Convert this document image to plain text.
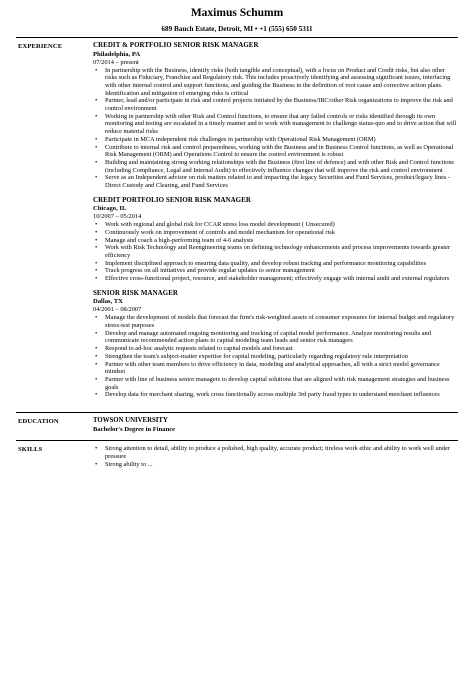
Maximus Schumm
689 Bauch Estate, Detroit, MI • +1 (555) 650 5311
EXPERIENCE	CREDIT & PORTFOLIO SENIOR RISK MANAGER
Philadelphia, PA
07/2014 – present
• In partnership with the Business, identify risks (both tangible and conceptual), with a focus on Product and Credit risks, but also other risks such as Fiduciary, Franchise and Regulatory risk. This includes proactively identifying and assessing significant issues, interfacing with other internal control and support functions, and guiding the Business in the definition of root cause and corrective action plans. Identification and mitigation of emerging risks is critical
• Partner, lead and/or participate in risk and control projects initiated by the Business/IBC/other Risk organizations to improve the risk and control environment
• Working in partnership with other Risk and Control functions, to ensure that any failed controls or risks identified through its own monitoring and testing are escalated in a timely manner and to work with management to challenge status-quo and to drive action that will reduce material risks
• Participate in MCA independent risk challenges in partnership with Operational Risk Management (ORM)
• Contribute to internal risk and control preparedness, working with the Business and in Business Control functions, as well as Operational Risk Management (ORM) and Operations Control to ensure the control environment is robust
• Building and maintaining strong working relationships with the Business (first line of defence) and with other Risk and Control functions (including Compliance, Legal and Internal Audit) to effectively influence changes that will improve the risk and control environment
• Serve as an Independent advisor on risk matters related to and impacting the legacy Securities and Fund Services, product/legacy lines - Direct Custody and Clearing, and Fund Services
CREDIT PORTFOLIO SENIOR RISK MANAGER
Chicago, IL
10/2007 – 05/2014
• Work with regional and global risk for CCAR stress loss model development ( Unsecured)
• Continuously work on improvement of controls and model mechanism for operational risk
• Manage and coach a high-performing team of 4-6 analysts
• Work with Risk Technology and Reengineering teams on defining technology enhancements and process improvements towards greater efficiency
• Implement disciplined approach to ensuring data quality, and develop robust tracking and performance monitoring capabilities
• Track progress on all initiatives and provide regular updates to senior management
• Effective cross-functional project, resource, and stakeholder management; effectively engage with internal audit and external regulators
SENIOR RISK MANAGER
Dallas, TX
04/2001 – 08/2007
• Manage the development of models that forecast the firm's risk-weighted assets of consumer exposures for internal budget and regulatory stress-test purposes
• Develop and manage automated ongoing monitoring and tracking of capital model performance. Analyze monitoring results and communicate recommended action plans to capital modeling team leads and senior risk managers
• Respond to ad-hoc analytic requests related to capital models and forecast
• Strengthen the team's subject-matter expertise for capital modeling, particularly regarding regulatory rule interpretation
• Partner with other team members to drive efficiency in data, modeling and analytical approaches, all with a strict model governance mindset
• Partner with line of business senior managers to develop capital solutions that are aligned with risk management strategies and business goals
• Develop data for merchant sharing, work cross functionally across multiple 3rd party fraud types to understand merchant influences
EDUCATION	TOWSON UNIVERSITY
Bachelor's Degree in Finance
SKILLS
•	Strong attention to detail, ability to produce a polished, high quality, accurate product; tireless work ethic and ability to work well under pressure
• Strong ability to ...
